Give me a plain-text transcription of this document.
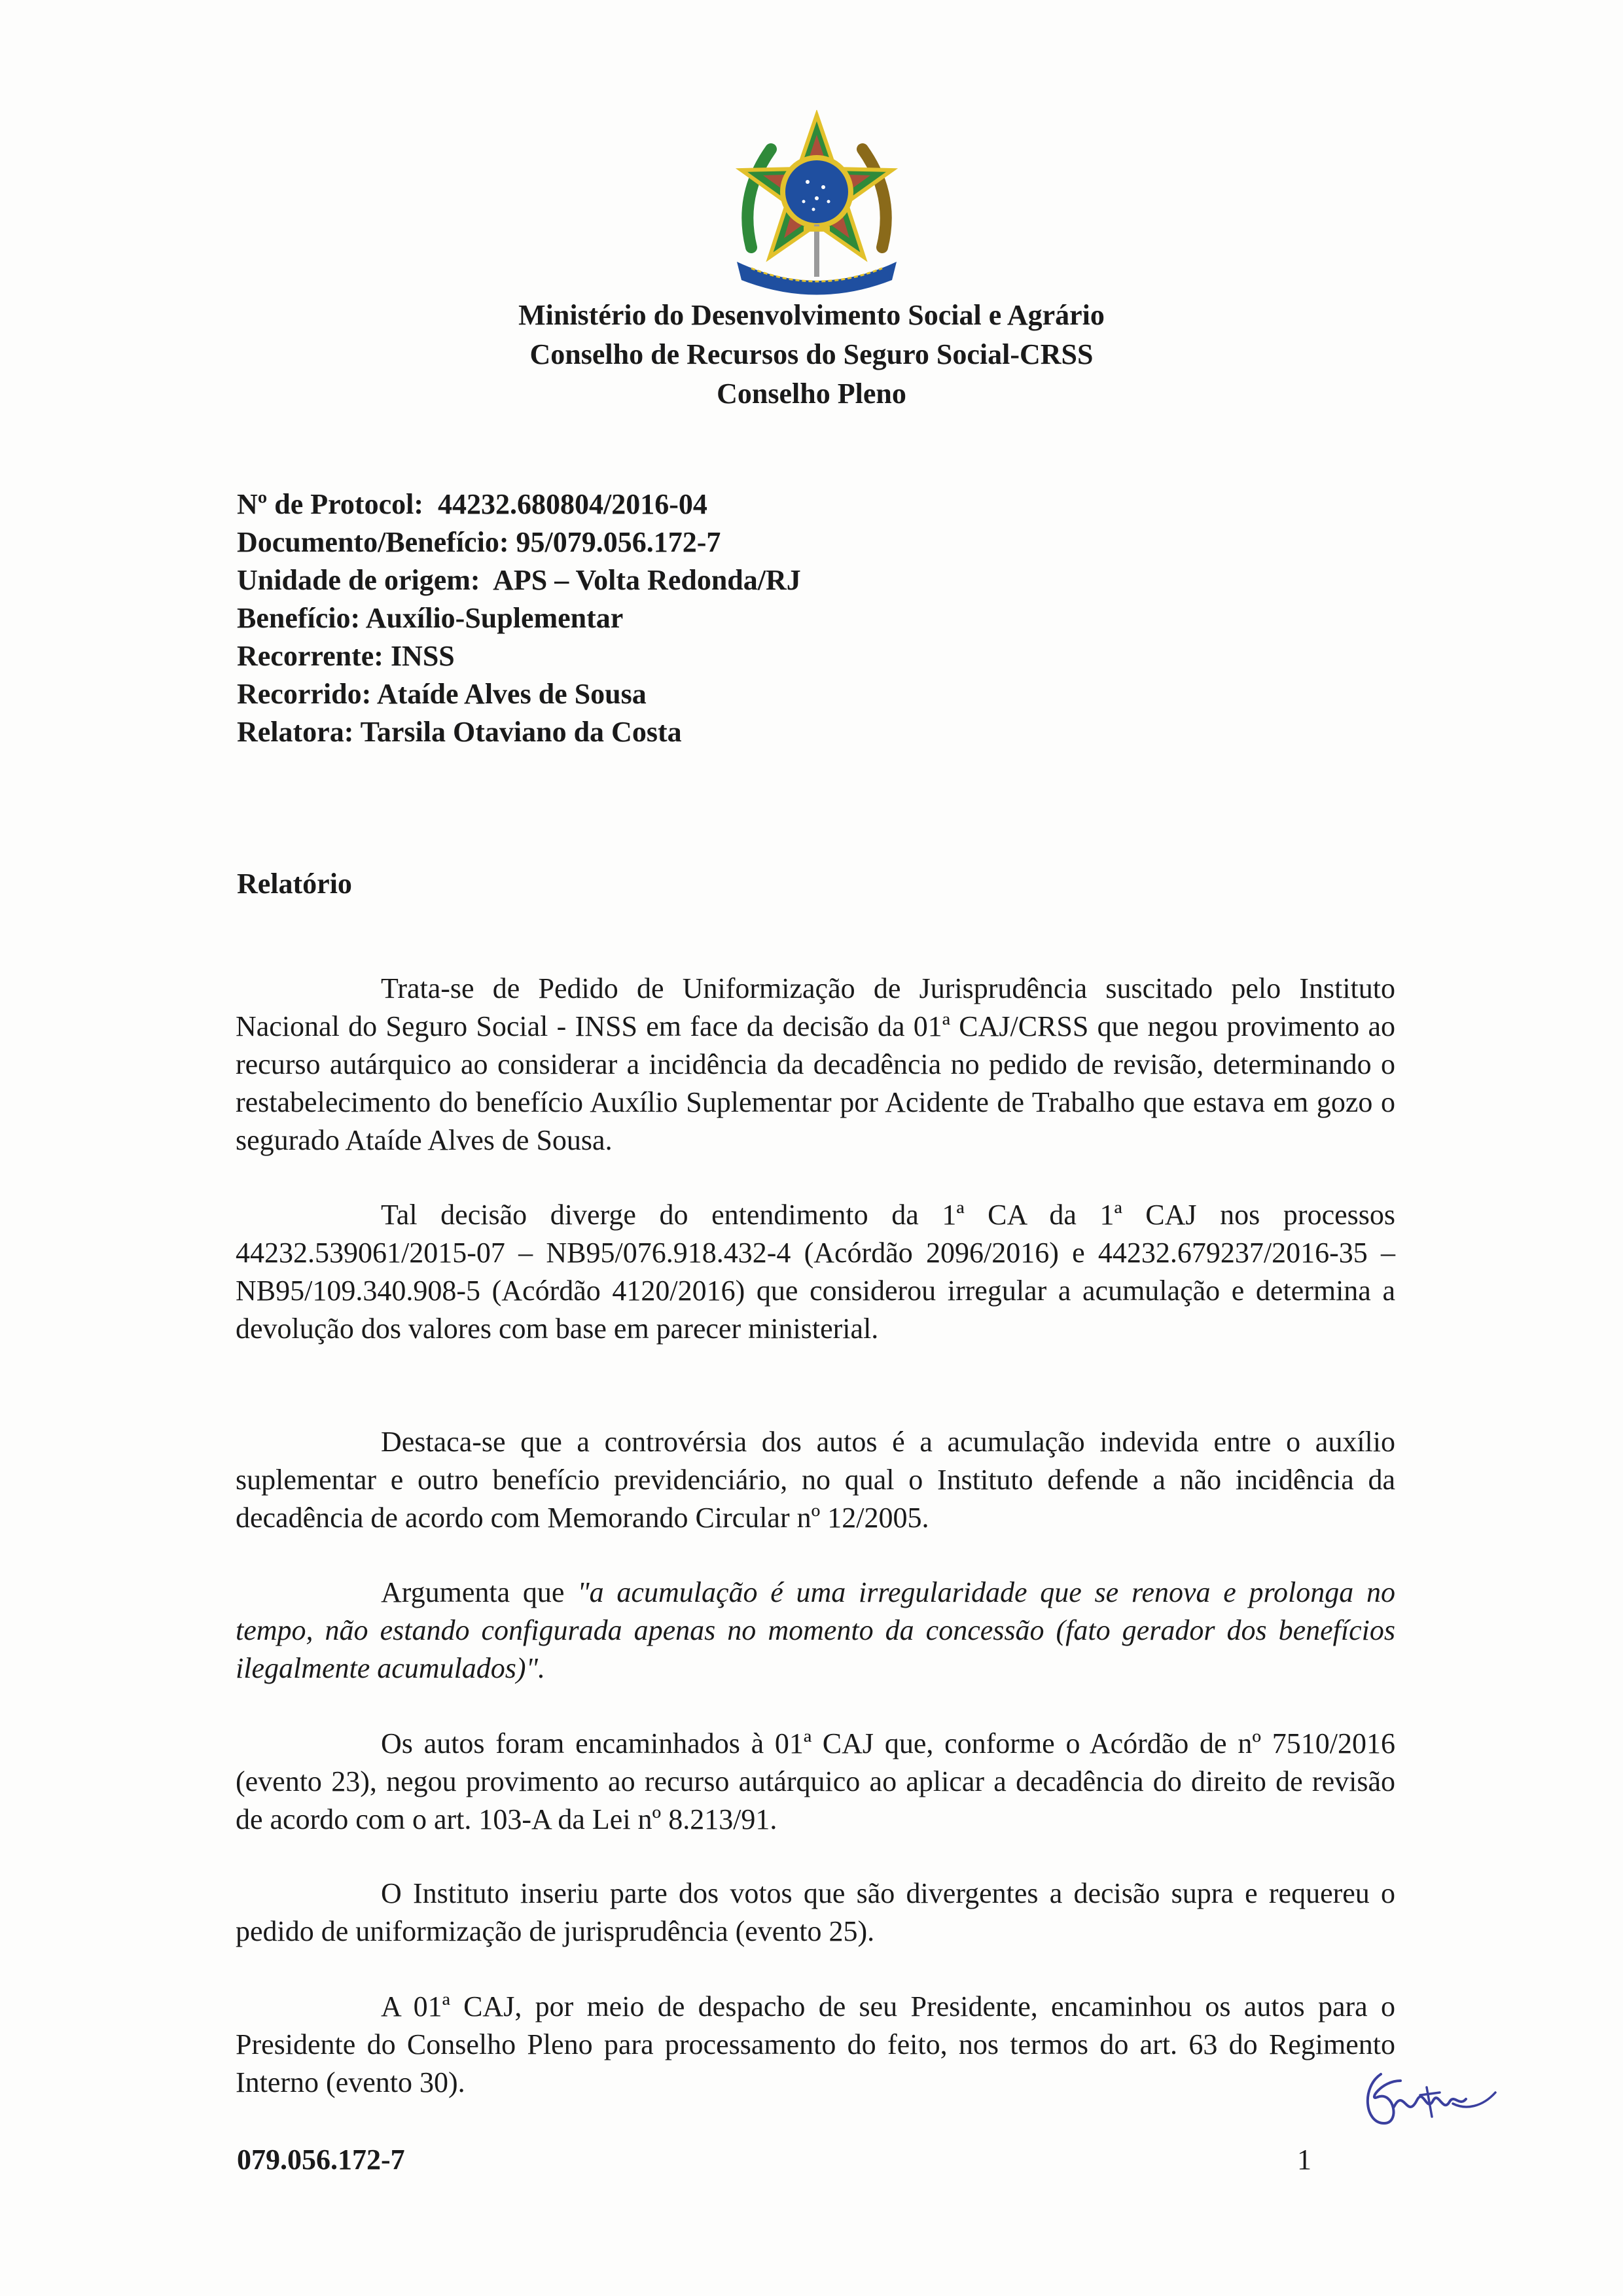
Ministério do Desenvolvimento Social e Agrário
Conselho de Recursos do Seguro Social-CRSS
Conselho Pleno
Nº de Protocol: 44232.680804/2016-04
Documento/Benefício: 95/079.056.172-7
Unidade de origem: APS – Volta Redonda/RJ
Benefício: Auxílio-Suplementar
Recorrente: INSS
Recorrido: Ataíde Alves de Sousa
Relatora: Tarsila Otaviano da Costa
Relatório

Trata-se de Pedido de Uniformização de Jurisprudência suscitado pelo Instituto Nacional do Seguro Social - INSS em face da decisão da 01ª CAJ/CRSS que negou provimento ao recurso autárquico ao considerar a incidência da decadência no pedido de revisão, determinando o restabelecimento do benefício Auxílio Suplementar por Acidente de Trabalho que estava em gozo o segurado Ataíde Alves de Sousa.

Tal decisão diverge do entendimento da 1ª CA da 1ª CAJ nos processos 44232.539061/2015-07 – NB95/076.918.432-4 (Acórdão 2096/2016) e 44232.679237/2016-35 – NB95/109.340.908-5 (Acórdão 4120/2016) que considerou irregular a acumulação e determina a devolução dos valores com base em parecer ministerial.

Destaca-se que a controvérsia dos autos é a acumulação indevida entre o auxílio suplementar e outro benefício previdenciário, no qual o Instituto defende a não incidência da decadência de acordo com Memorando Circular nº 12/2005.

Argumenta que "a acumulação é uma irregularidade que se renova e prolonga no tempo, não estando configurada apenas no momento da concessão (fato gerador dos benefícios ilegalmente acumulados)".

Os autos foram encaminhados à 01ª CAJ que, conforme o Acórdão de nº 7510/2016 (evento 23), negou provimento ao recurso autárquico ao aplicar a decadência do direito de revisão de acordo com o art. 103-A da Lei nº 8.213/91.

O Instituto inseriu parte dos votos que são divergentes a decisão supra e requereu o pedido de uniformização de jurisprudência (evento 25).

A 01ª CAJ, por meio de despacho de seu Presidente, encaminhou os autos para o Presidente do Conselho Pleno para processamento do feito, nos termos do art. 63 do Regimento Interno (evento 30).

079.056.172-7	1
